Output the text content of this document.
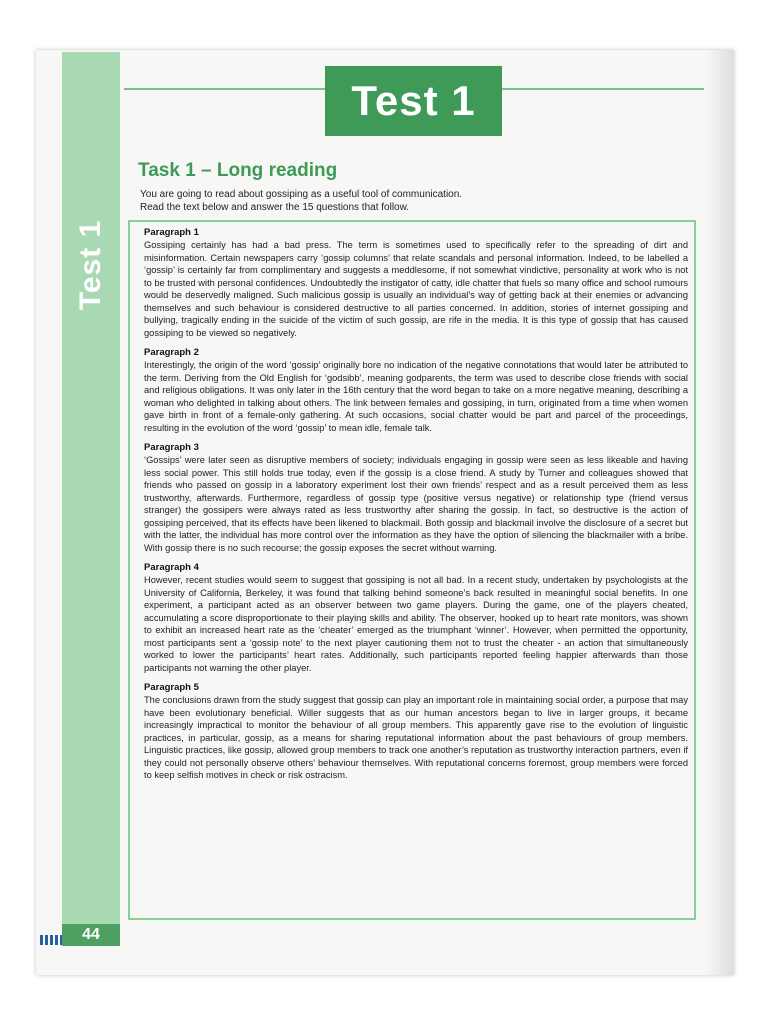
Test 1
44
Test 1
Task 1 – Long reading

You are going to read about gossiping as a useful tool of communication.

Read the text below and answer the 15 questions that follow.

Paragraph 1

Gossiping certainly has had a bad press. The term is sometimes used to specifically refer to the spreading of dirt and misinformation. Certain newspapers carry ‘gossip columns’ that relate scandals and personal information. Indeed, to be labelled a ‘gossip’ is certainly far from complimentary and suggests a meddlesome, if not somewhat vindictive, personality at work who is not to be trusted with personal confidences. Undoubtedly the instigator of catty, idle chatter that fuels so many office and school rumours would be deservedly maligned. Such malicious gossip is usually an individual’s way of getting back at their enemies or advancing themselves and such behaviour is considered destructive to all parties concerned. In addition, stories of internet gossiping and bullying, tragically ending in the suicide of the victim of such gossip, are rife in the media. It is this type of gossip that has caused gossiping to be viewed so negatively.

Paragraph 2

Interestingly, the origin of the word ‘gossip’ originally bore no indication of the negative connotations that would later be attributed to the term. Deriving from the Old English for ‘godsibb’, meaning godparents, the term was used to describe close friends with social and religious obligations. It was only later in the 16th century that the word began to take on a more negative meaning, describing a woman who delighted in talking about others. The link between females and gossiping, in turn, originated from a time when women gave birth in front of a female-only gathering. At such occasions, social chatter would be part and parcel of the proceedings, resulting in the evolution of the word ‘gossip’ to mean idle, female talk.

Paragraph 3

‘Gossips’ were later seen as disruptive members of society; individuals engaging in gossip were seen as less likeable and having less social power. This still holds true today, even if the gossip is a close friend. A study by Turner and colleagues showed that friends who passed on gossip in a laboratory experiment lost their own friends’ respect and as a result perceived them as less trustworthy, afterwards. Furthermore, regardless of gossip type (positive versus negative) or relationship type (friend versus stranger) the gossipers were always rated as less trustworthy after sharing the gossip. In fact, so destructive is the action of gossiping perceived, that its effects have been likened to blackmail. Both gossip and blackmail involve the disclosure of a secret but with the latter, the individual has more control over the information as they have the option of silencing the blackmailer with a bribe. With gossip there is no such recourse; the gossip exposes the secret without warning.

Paragraph 4

However, recent studies would seem to suggest that gossiping is not all bad. In a recent study, undertaken by psychologists at the University of California, Berkeley, it was found that talking behind someone’s back resulted in meaningful social benefits. In one experiment, a participant acted as an observer between two game players. During the game, one of the players cheated, accumulating a score disproportionate to their playing skills and ability. The observer, hooked up to heart rate monitors, was shown to exhibit an increased heart rate as the ‘cheater’ emerged as the triumphant ‘winner’. However, when permitted the opportunity, most participants sent a ‘gossip note’ to the next player cautioning them not to trust the cheater - an action that simultaneously worked to lower the participants’ heart rates. Additionally, such participants reported feeling happier afterwards than those participants not warning the other player.

Paragraph 5

The conclusions drawn from the study suggest that gossip can play an important role in maintaining social order, a purpose that may have been evolutionary beneficial. Willer suggests that as our human ancestors began to live in larger groups, it became increasingly impractical to monitor the behaviour of all group members. This apparently gave rise to the evolution of linguistic practices, in particular, gossip, as a means for sharing reputational information about the past behaviours of group members. Linguistic practices, like gossip, allowed group members to track one another’s reputation as trustworthy interaction partners, even if they could not personally observe others’ behaviour themselves. With reputational concerns foremost, group members were forced to keep selfish motives in check or risk ostracism.
